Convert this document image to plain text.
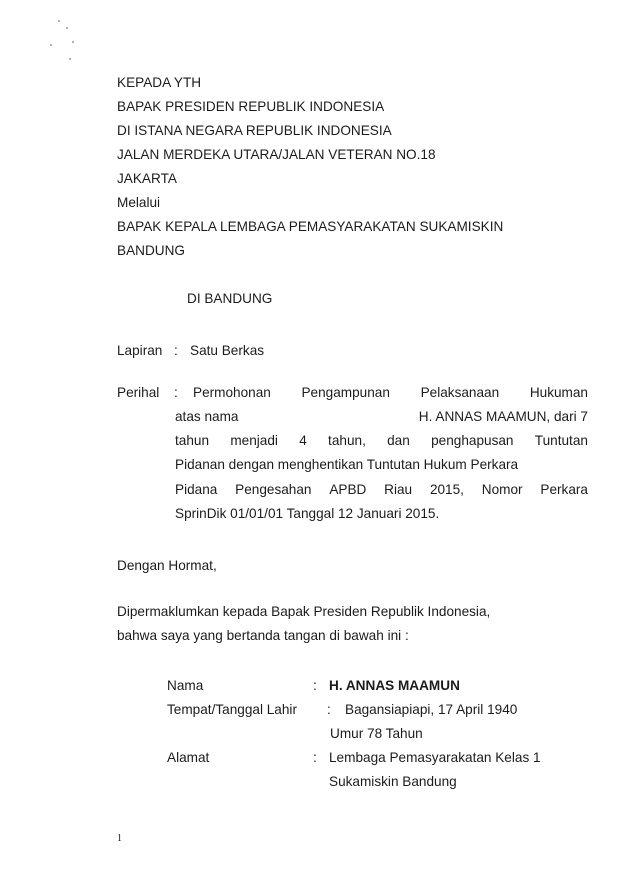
KEPADA YTH
BAPAK PRESIDEN REPUBLIK INDONESIA
DI ISTANA NEGARA REPUBLIK INDONESIA
JALAN MERDEKA UTARA/JALAN VETERAN NO.18
JAKARTA
Melalui
BAPAK KEPALA LEMBAGA PEMASYARAKATAN SUKAMISKIN
BANDUNG
DI BANDUNG
Lapiran : Satu Berkas
Perihal : Permohonan Pengampunan Pelaksanaan Hukuman
atas nama	H. ANNAS MAAMUN, dari 7
tahun menjadi 4 tahun, dan penghapusan Tuntutan
Pidanan dengan menghentikan Tuntutan Hukum Perkara
Pidana Pengesahan APBD Riau 2015, Nomor Perkara
SprinDik 01/01/01 Tanggal 12 Januari 2015.
Dengan Hormat,
Dipermaklumkan kepada Bapak Presiden Republik Indonesia,
bahwa saya yang bertanda tangan di bawah ini :
Nama	: H. ANNAS MAAMUN
Tempat/Tanggal Lahir : Bagansiapiapi, 17 April 1940
Umur 78 Tahun
Alamat	: Lembaga Pemasyarakatan Kelas 1
Sukamiskin Bandung
1
